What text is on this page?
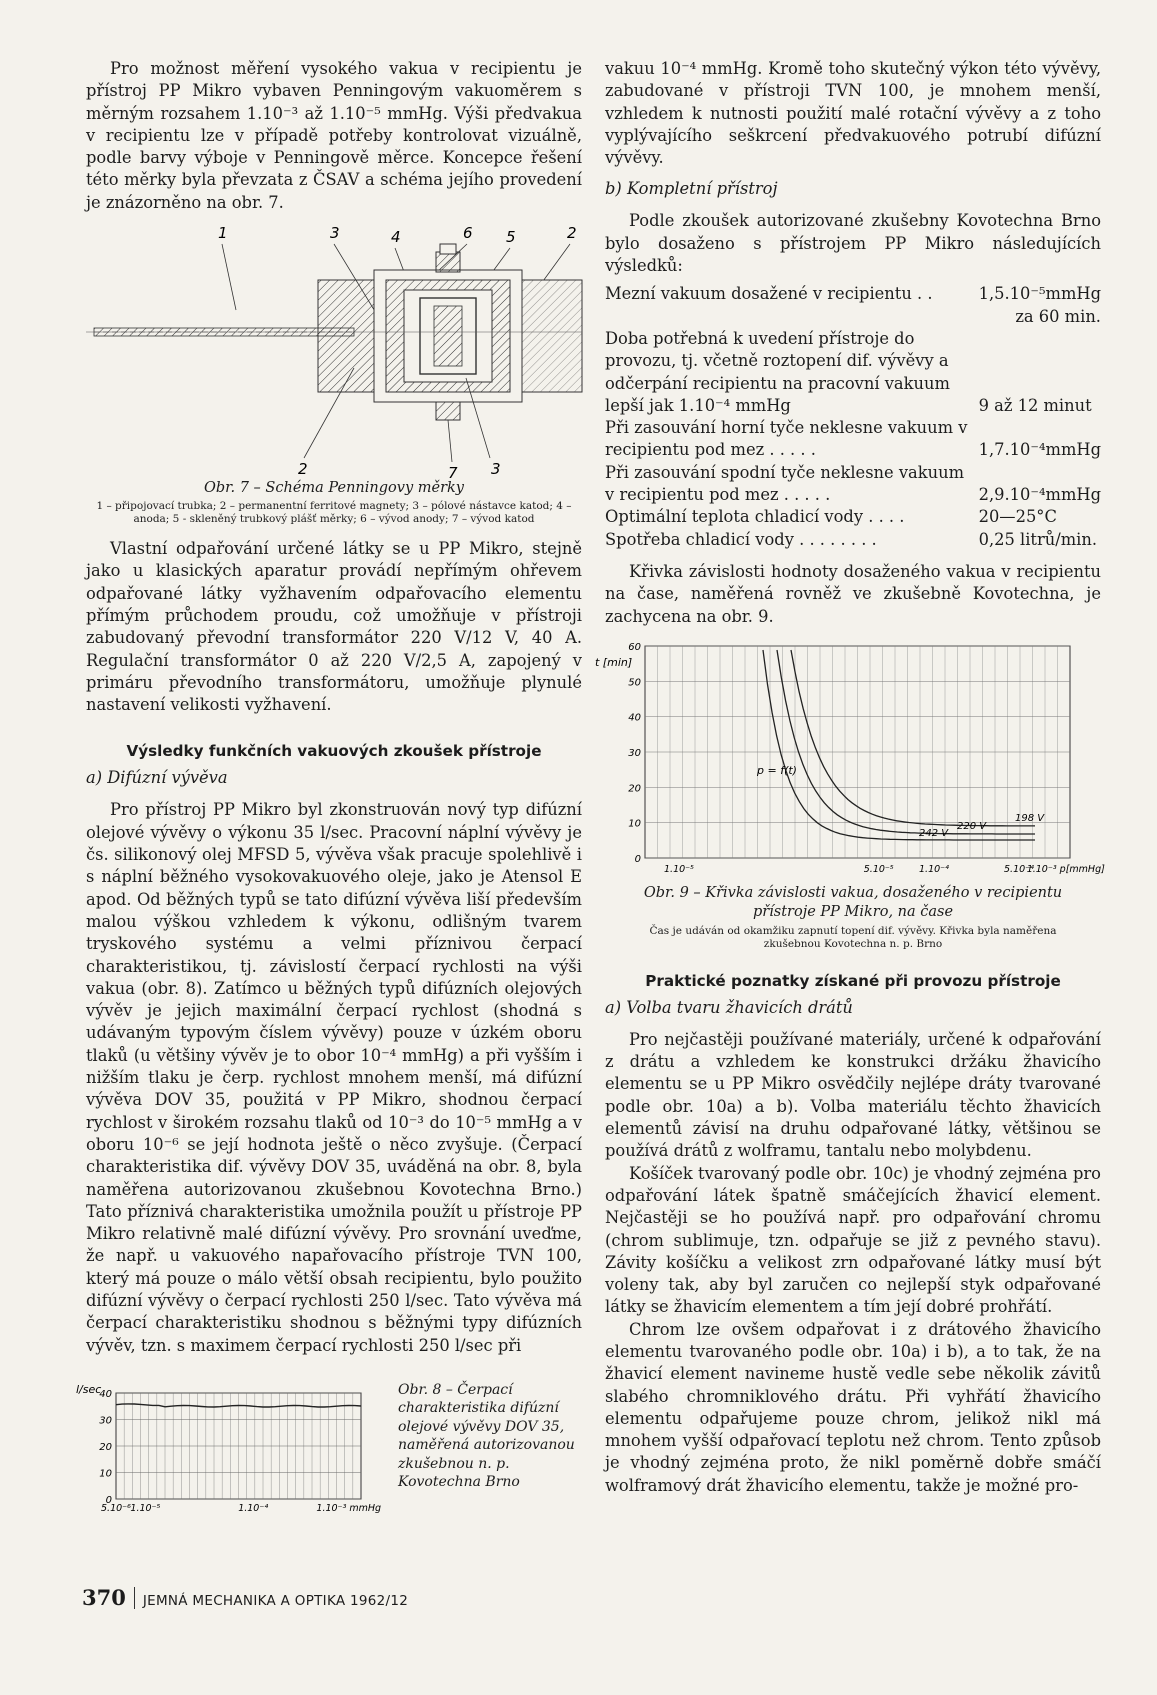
Pro možnost měření vysokého vakua v recipientu je přístroj PP Mikro vybaven Penningovým vakuoměrem s měrným rozsahem 1.10⁻³ až 1.10⁻⁵ mmHg. Výši předvakua v recipientu lze v případě potřeby kontrolovat vizuálně, podle barvy výboje v Penningově měrce. Koncepce řešení této měrky byla převzata z ČSAV a schéma jejího provedení je znázorněno na obr. 7.

1	3	4	6 5	2
2	7 3
Obr. 7 – Schéma Penningovy měrky
1 – připojovací trubka; 2 – permanentní ferritové magnety; 3 – pólové nástavce katod; 4 – anoda; 5 - skleněný trubkový plášť měrky; 6 – vývod anody; 7 – vývod katod

Vlastní odpařování určené látky se u PP Mikro, stejně jako u klasických aparatur provádí nepřímým ohřevem odpařované látky vyžhavením odpařovacího elementu přímým průchodem proudu, což umožňuje v přístroji zabudovaný převodní transformátor 220 V/12 V, 40 A. Regulační transformátor 0 až 220 V/2,5 A, zapojený v primáru převodního transformátoru, umožňuje plynulé nastavení velikosti vyžhavení.

Výsledky funkčních vakuových zkoušek přístroje
a) Difúzní vývěva

Pro přístroj PP Mikro byl zkonstruován nový typ difúzní olejové vývěvy o výkonu 35 l/sec. Pracovní náplní vývěvy je čs. silikonový olej MFSD 5, vývěva však pracuje spolehlivě i s náplní běžného vysokovakuového oleje, jako je Atensol E apod. Od běžných typů se tato difúzní vývěva liší především malou výškou vzhledem k výkonu, odlišným tvarem tryskového systému a velmi příznivou čerpací charakteristikou, tj. závislostí čerpací rychlosti na výši vakua (obr. 8). Zatímco u běžných typů difúzních olejových vývěv je jejich maximální čerpací rychlost (shodná s udávaným typovým číslem vývěvy) pouze v úzkém oboru tlaků (u většiny vývěv je to obor 10⁻⁴ mmHg) a při vyšším i nižším tlaku je čerp. rychlost mnohem menší, má difúzní vývěva DOV 35, použitá v PP Mikro, shodnou čerpací rychlost v širokém rozsahu tlaků od 10⁻³ do 10⁻⁵ mmHg a v oboru 10⁻⁶ se její hodnota ještě o něco zvyšuje. (Čerpací charakteristika dif. vývěvy DOV 35, uváděná na obr. 8, byla naměřena autorizovanou zkušebnou Kovotechna Brno.) Tato příznivá charakteristika umožnila použít u přístroje PP Mikro relativně malé difúzní vývěvy. Pro srovnání uveďme, že např. u vakuového napařovacího přístroje TVN 100, který má pouze o málo větší obsah recipientu, bylo použito difúzní vývěvy o čerpací rychlosti 250 l/sec. Tato vývěva má čerpací charakteristiku shodnou s běžnými typy difúzních vývěv, tzn. s maximem čerpací rychlosti 250 l/sec při

l/sec
40
30
20
10
0
5.10⁻⁶ 1.10⁻⁵	1.10⁻⁴	1.10⁻³ mmHg
Obr. 8 – Čerpací charakteristika difúzní olejové vývěvy DOV 35, naměřená autorizovanou zkušebnou n. p. Kovotechna Brno

vakuu 10⁻⁴ mmHg. Kromě toho skutečný výkon této vývěvy, zabudované v přístroji TVN 100, je mnohem menší, vzhledem k nutnosti použití malé rotační vývěvy a z toho vyplývajícího seškrcení předvakuového potrubí difúzní vývěvy.

b) Kompletní přístroj

Podle zkoušek autorizované zkušebny Kovotechna Brno bylo dosaženo s přístrojem PP Mikro následujících výsledků:

Mezní vakuum dosažené v recipientu . .	1,5.10⁻⁵mmHg
za 60 min.

Doba potřebná k uvedení přístroje do provozu, tj. včetně roztopení dif. vývěvy a odčerpání recipientu na pracovní vakuum lepší jak 1.10⁻⁴ mmHg	9 až 12 minut

Při zasouvání horní tyče neklesne vakuum v recipientu pod mez . . . . .	1,7.10⁻⁴mmHg

Při zasouvání spodní tyče neklesne vakuum v recipientu pod mez . . . . .	2,9.10⁻⁴mmHg

Optimální teplota chladicí vody . . . .	20—25°C

Spotřeba chladicí vody . . . . . . . .	0,25 litrů/min.

Křivka závislosti hodnoty dosaženého vakua v recipientu na čase, naměřená rovněž ve zkušebně Kovotechna, je zachycena na obr. 9.

t [min]
60
50
40
30
20
10
0
1.10⁻⁵	5.10⁻⁵	1.10⁻⁴	5.10⁻⁴
1.10⁻³ p[mmHg]
p = f(t)
242 V
220 V
198 V
Obr. 9 – Křivka závislosti vakua, dosaženého v recipientu přístroje PP Mikro, na čase
Čas je udáván od okamžiku zapnutí topení dif. vývěvy. Křivka byla naměřena zkušebnou Kovotechna n. p. Brno
Praktické poznatky získané při provozu přístroje
a) Volba tvaru žhavicích drátů

Pro nejčastěji používané materiály, určené k odpařování z drátu a vzhledem ke konstrukci držáku žhavicího elementu se u PP Mikro osvědčily nejlépe dráty tvarované podle obr. 10a) a b). Volba materiálu těchto žhavicích elementů závisí na druhu odpařované látky, většinou se používá drátů z wolframu, tantalu nebo molybdenu.

Košíček tvarovaný podle obr. 10c) je vhodný zejména pro odpařování látek špatně smáčejících žhavicí element. Nejčastěji se ho používá např. pro odpařování chromu (chrom sublimuje, tzn. odpařuje se již z pevného stavu). Závity košíčku a velikost zrn odpařované látky musí být voleny tak, aby byl zaručen co nejlepší styk odpařované látky se žhavicím elementem a tím její dobré prohřátí.

Chrom lze ovšem odpařovat i z drátového žhavicího elementu tvarovaného podle obr. 10a) i b), a to tak, že na žhavicí element navineme hustě vedle sebe několik závitů slabého chromniklového drátu. Při vyhřátí žhavicího elementu odpařujeme pouze chrom, jelikož nikl má mnohem vyšší odpařovací teplotu než chrom. Tento způsob je vhodný zejména proto, že nikl poměrně dobře smáčí wolframový drát žhavicího elementu, takže je možné pro-

370 JEMNÁ MECHANIKA A OPTIKA 1962/12
